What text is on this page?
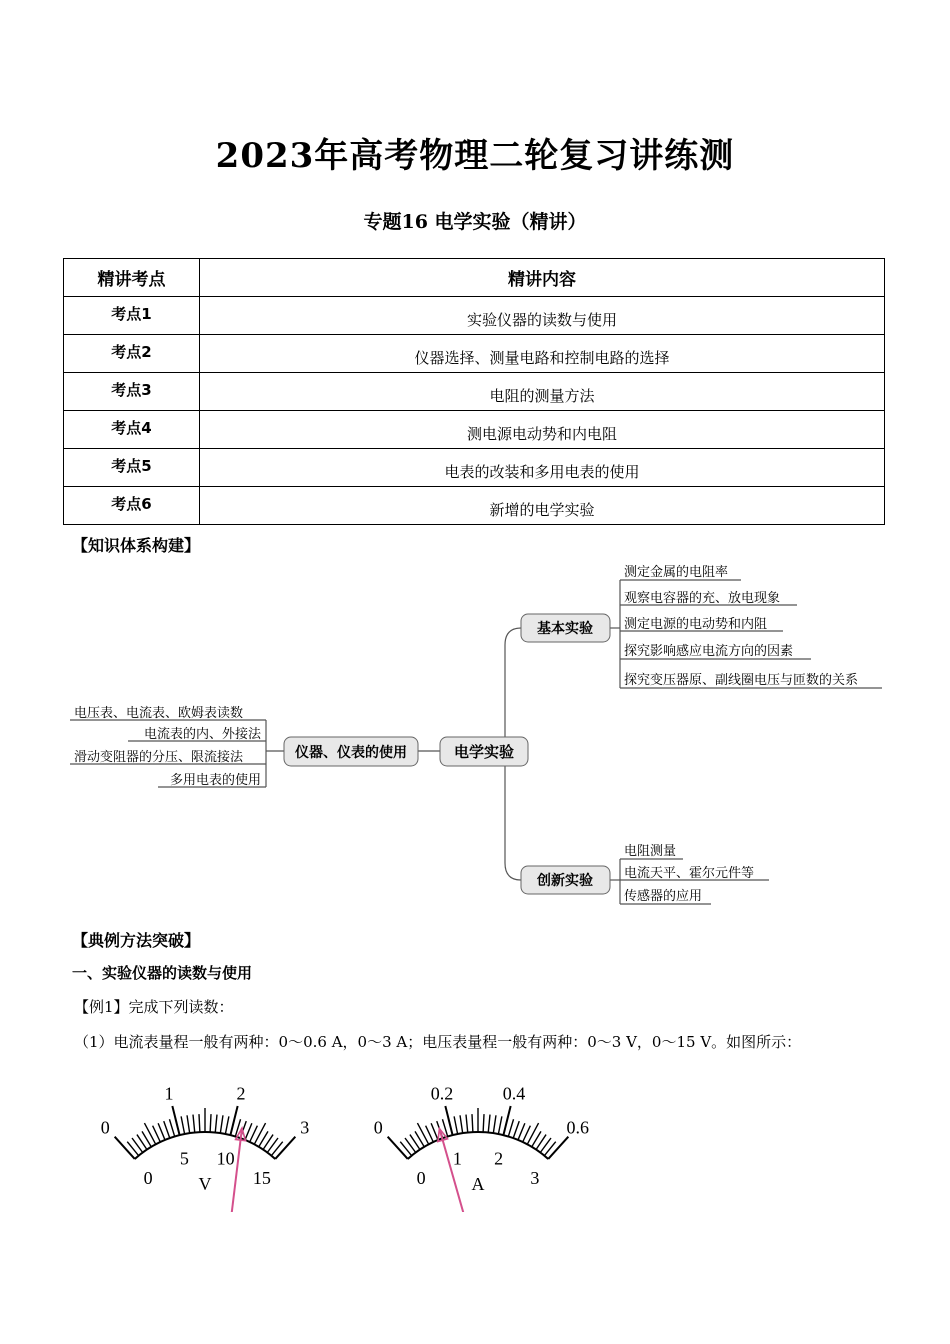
2023年高考物理二轮复习讲练测
专题16 电学实验（精讲）
精讲考点	精讲内容
考点1	实验仪器的读数与使用
考点2	仪器选择、测量电路和控制电路的选择
考点3	电阻的测量方法
考点4	测电源电动势和内电阻
考点5	电表的改装和多用电表的使用
考点6	新增的电学实验
【知识体系构建】
电学实验
仪器、仪表的使用
基本实验
创新实验
电压表、电流表、欧姆表读数
电流表的内、外接法
滑动变阻器的分压、限流接法
多用电表的使用
测定金属的电阻率
观察电容器的充、放电现象
测定电源的电动势和内阻
探究影响感应电流方向的因素
探究变压器原、副线圈电压与匝数的关系
电阻测量
电流天平、霍尔元件等
传感器的应用
【典例方法突破】
一、实验仪器的读数与使用
【例1】完成下列读数：
（1）电流表量程一般有两种：0～0.6 A，0～3 A；电压表量程一般有两种：0～3 V，0～15 V。如图所示：
0
1	2
3
0
5 10
15
V
0
0.2	0.4
0.6
0
1 2
3
A
